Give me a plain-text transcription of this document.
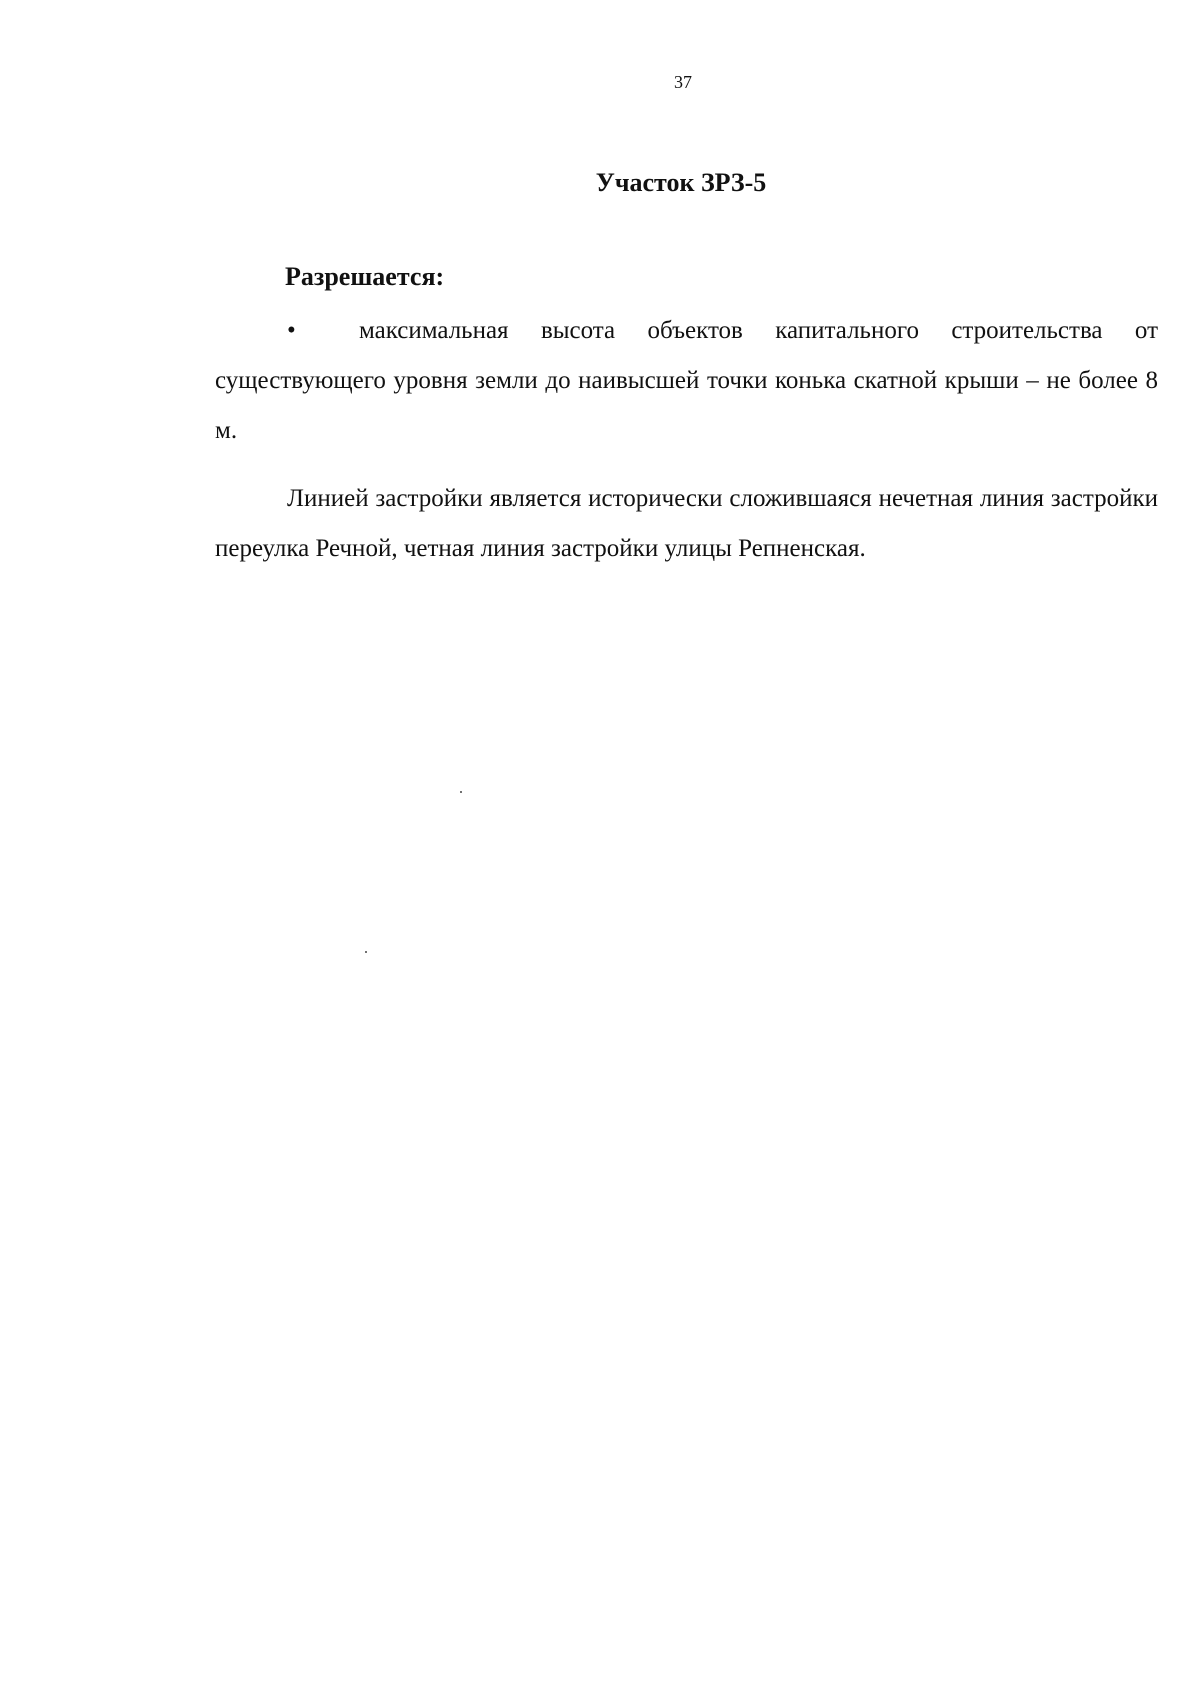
37
Участок ЗРЗ-5
Разрешается:
•	максимальная высота объектов капитального строительства от существующего уровня земли до наивысшей точки конька скатной крыши – не более 8 м.
Линией застройки является исторически сложившаяся нечетная линия застройки переулка Речной, четная линия застройки улицы Репненская.
